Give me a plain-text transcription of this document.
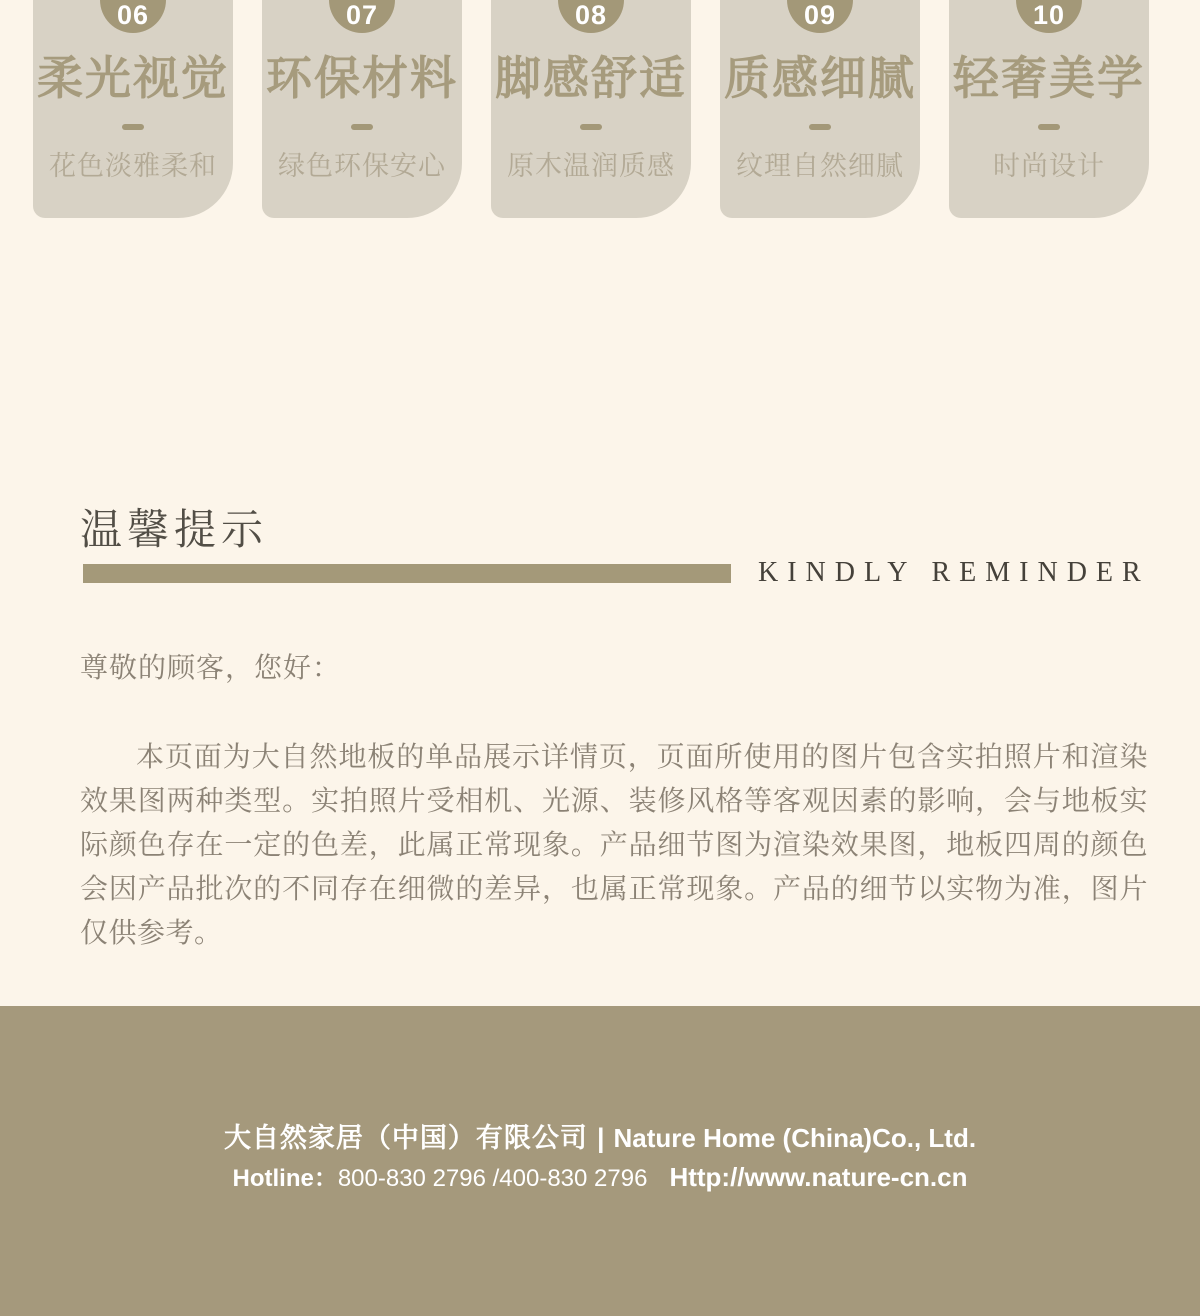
06
柔光视觉
花色淡雅柔和
07
环保材料
绿色环保安心
08
脚感舒适
原木温润质感
09
质感细腻
纹理自然细腻
10
轻奢美学
时尚设计
温馨提示
KINDLY REMINDER
尊敬的顾客，您好：
本页面为大自然地板的单品展示详情页，页面所使用的图片包含实拍照片和渲染效果图两种类型。实拍照片受相机、光源、装修风格等客观因素的影响，会与地板实际颜色存在一定的色差，此属正常现象。产品细节图为渲染效果图，地板四周的颜色会因产品批次的不同存在细微的差异，也属正常现象。产品的细节以实物为准，图片仅供参考。
大自然家居（中国）有限公司 | Nature Home (China)Co., Ltd.
Hotline：800-830 2796 /400-830 2796 Http://www.nature-cn.cn
